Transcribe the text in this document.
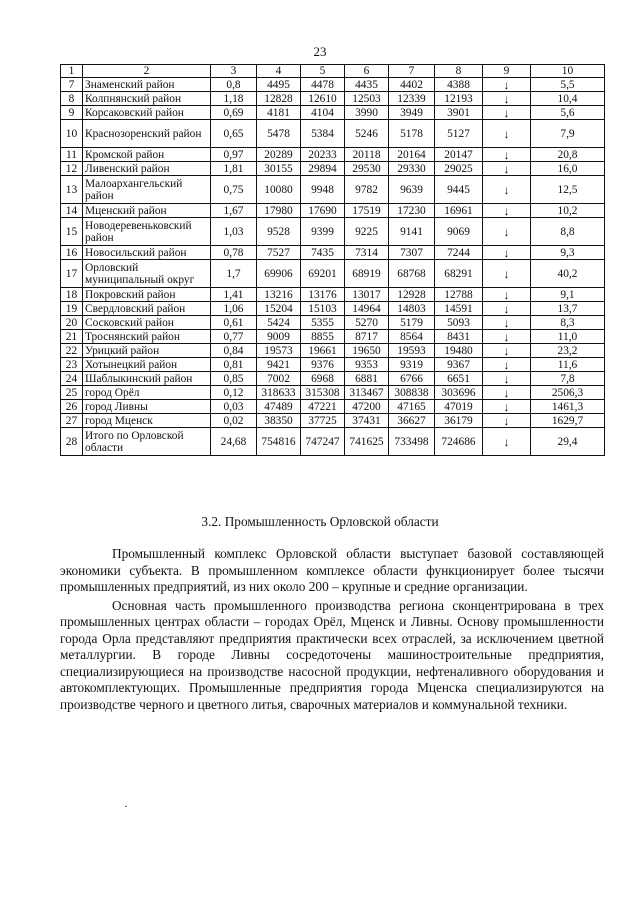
23
1	2	3	4	5	6	7	8	9	10
7	Знаменский район	0,8	4495	4478	4435	4402	4388	↓	5,5
8	Колпнянский район	1,18	12828	12610	12503	12339	12193	↓	10,4
9	Корсаковский район	0,69	4181	4104	3990	3949	3901	↓	5,6
10	Краснозоренский район	0,65	5478	5384	5246	5178	5127	↓	7,9
11	Кромской район	0,97	20289	20233	20118	20164	20147	↓	20,8
12	Ливенский район	1,81	30155	29894	29530	29330	29025	↓	16,0
13	Малоархангельский район	0,75	10080	9948	9782	9639	9445	↓	12,5
14	Мценский район	1,67	17980	17690	17519	17230	16961	↓	10,2
15	Новодеревеньковский район	1,03	9528	9399	9225	9141	9069	↓	8,8
16	Новосильский район	0,78	7527	7435	7314	7307	7244	↓	9,3
17	Орловский муниципальный округ	1,7	69906	69201	68919	68768	68291	↓	40,2
18	Покровский район	1,41	13216	13176	13017	12928	12788	↓	9,1
19	Свердловский район	1,06	15204	15103	14964	14803	14591	↓	13,7
20	Сосковский район	0,61	5424	5355	5270	5179	5093	↓	8,3
21	Троснянский район	0,77	9009	8855	8717	8564	8431	↓	11,0
22	Урицкий район	0,84	19573	19661	19650	19593	19480	↓	23,2
23	Хотынецкий район	0,81	9421	9376	9353	9319	9367	↓	11,6
24	Шаблыкинский район	0,85	7002	6968	6881	6766	6651	↓	7,8
25	город Орёл	0,12	318633	315308	313467	308838	303696	↓	2506,3
26	город Ливны	0,03	47489	47221	47200	47165	47019	↓	1461,3
27	город Мценск	0,02	38350	37725	37431	36627	36179	↓	1629,7
28	Итого по Орловской области	24,68	754816	747247	741625	733498	724686	↓	29,4
3.2. Промышленность Орловской области

Промышленный комплекс Орловской области выступает базовой составляющей экономики субъекта. В промышленном комплексе области функционирует более тысячи промышленных предприятий, из них около 200 – крупные и средние организации.

Основная часть промышленного производства региона сконцентрирована в трех промышленных центрах области – городах Орёл, Мценск и Ливны. Основу промышленности города Орла представляют предприятия практически всех отраслей, за исключением цветной металлургии. В городе Ливны сосредоточены машиностроительные предприятия, специализирующиеся на производстве насосной продукции, нефтеналивного оборудования и автокомплектующих. Промышленные предприятия города Мценска специализируются на производстве черного и цветного литья, сварочных материалов и коммунальной техники.
